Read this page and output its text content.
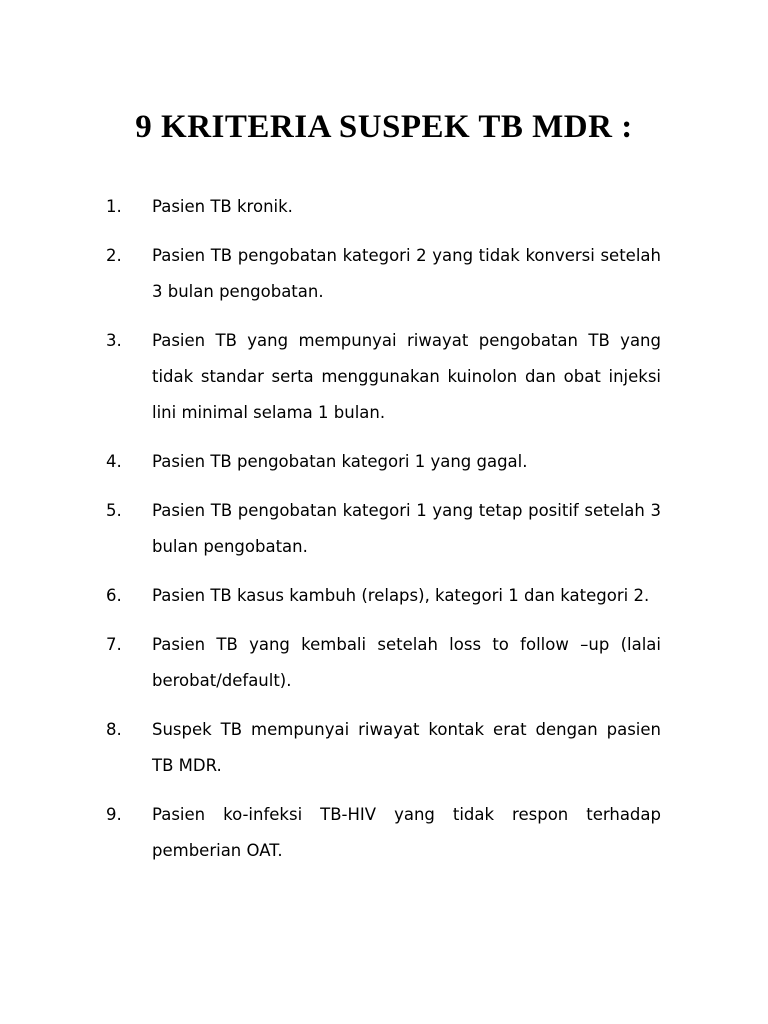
9 KRITERIA SUSPEK TB MDR :
1.	Pasien TB kronik.
2.	Pasien TB pengobatan kategori 2 yang tidak konversi setelah 3 bulan pengobatan.
3.	Pasien TB yang mempunyai riwayat pengobatan TB yang tidak standar serta menggunakan kuinolon dan obat injeksi lini minimal selama 1 bulan.
4.	Pasien TB pengobatan kategori 1 yang gagal.
5.	Pasien TB pengobatan kategori 1 yang tetap positif setelah 3 bulan pengobatan.
6.	Pasien TB kasus kambuh (relaps), kategori 1 dan kategori 2.
7.	Pasien TB yang kembali setelah loss to follow –up (lalai berobat/default).
8.	Suspek TB mempunyai riwayat kontak erat dengan pasien TB MDR.
9.	Pasien ko-infeksi TB-HIV yang tidak respon terhadap pemberian OAT.
